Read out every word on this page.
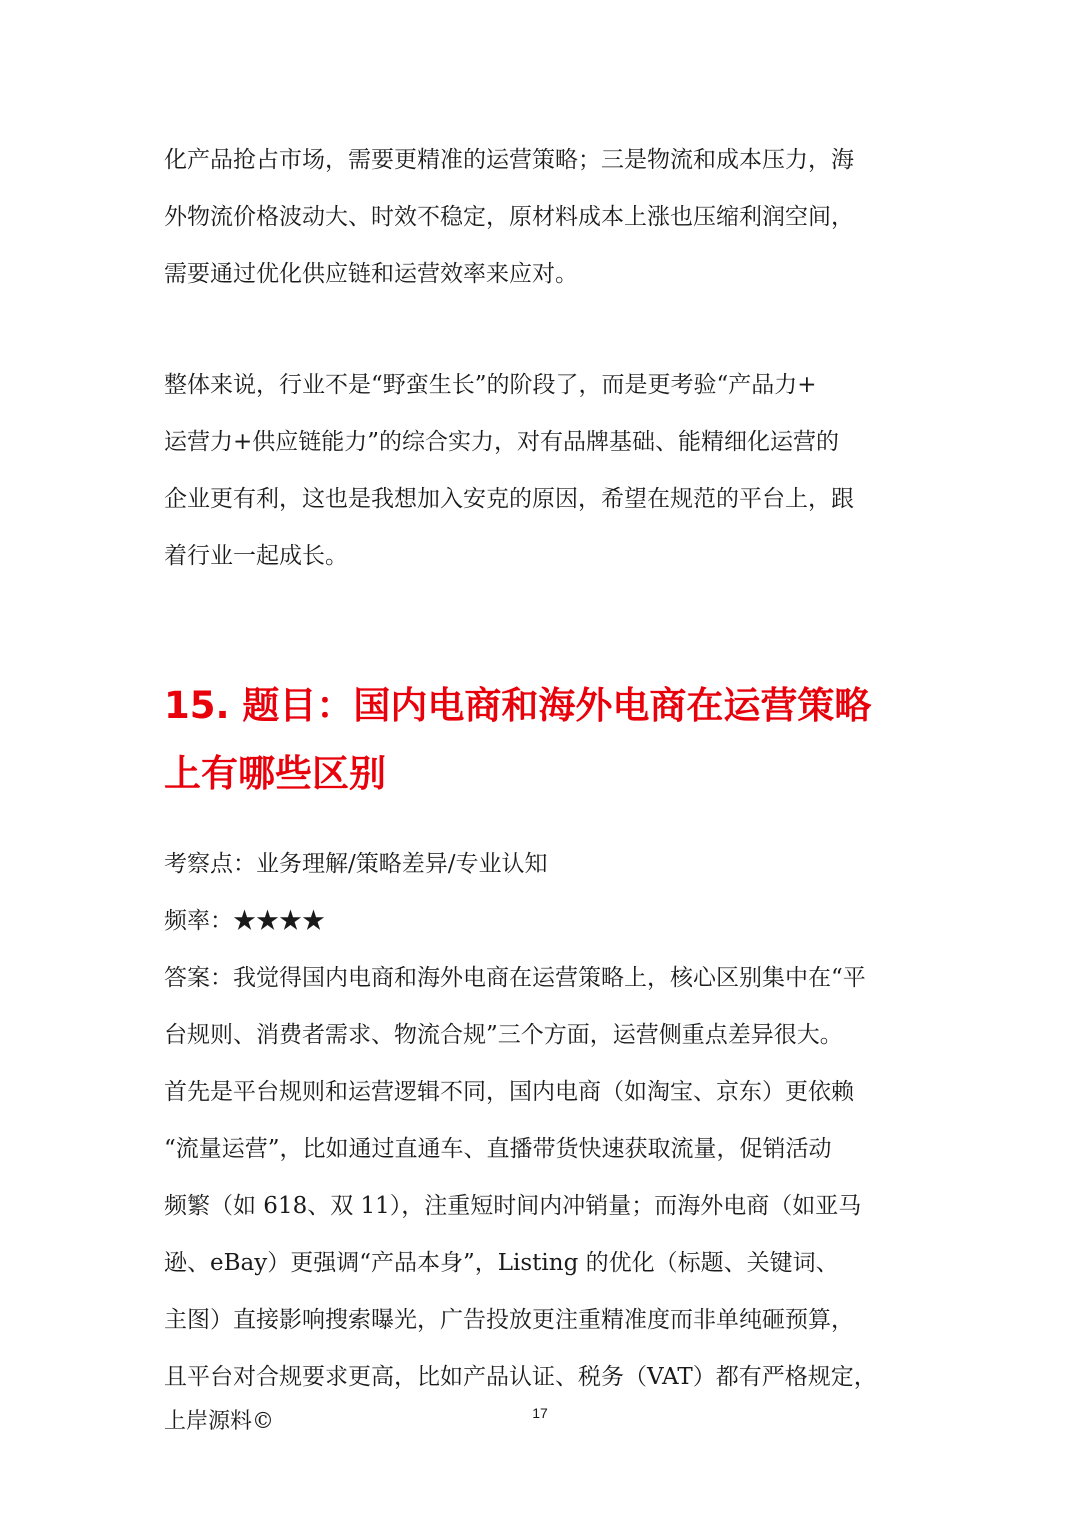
化产品抢占市场，需要更精准的运营策略；三是物流和成本压力，海
外物流价格波动大、时效不稳定，原材料成本上涨也压缩利润空间，
需要通过优化供应链和运营效率来应对。
整体来说，行业不是“野蛮生长”的阶段了，而是更考验“产品力+
运营力+供应链能力”的综合实力，对有品牌基础、能精细化运营的
企业更有利，这也是我想加入安克的原因，希望在规范的平台上，跟
着行业一起成长。
15. 题目：国内电商和海外电商在运营策略
上有哪些区别
考察点：业务理解/策略差异/专业认知
频率：★★★★
答案：我觉得国内电商和海外电商在运营策略上，核心区别集中在“平
台规则、消费者需求、物流合规”三个方面，运营侧重点差异很大。
首先是平台规则和运营逻辑不同，国内电商（如淘宝、京东）更依赖
“流量运营”，比如通过直通车、直播带货快速获取流量，促销活动
频繁（如 618、双 11），注重短时间内冲销量；而海外电商（如亚马
逊、eBay）更强调“产品本身”，Listing 的优化（标题、关键词、
主图）直接影响搜索曝光，广告投放更注重精准度而非单纯砸预算，
且平台对合规要求更高，比如产品认证、税务（VAT）都有严格规定，
上岸源料©	17
